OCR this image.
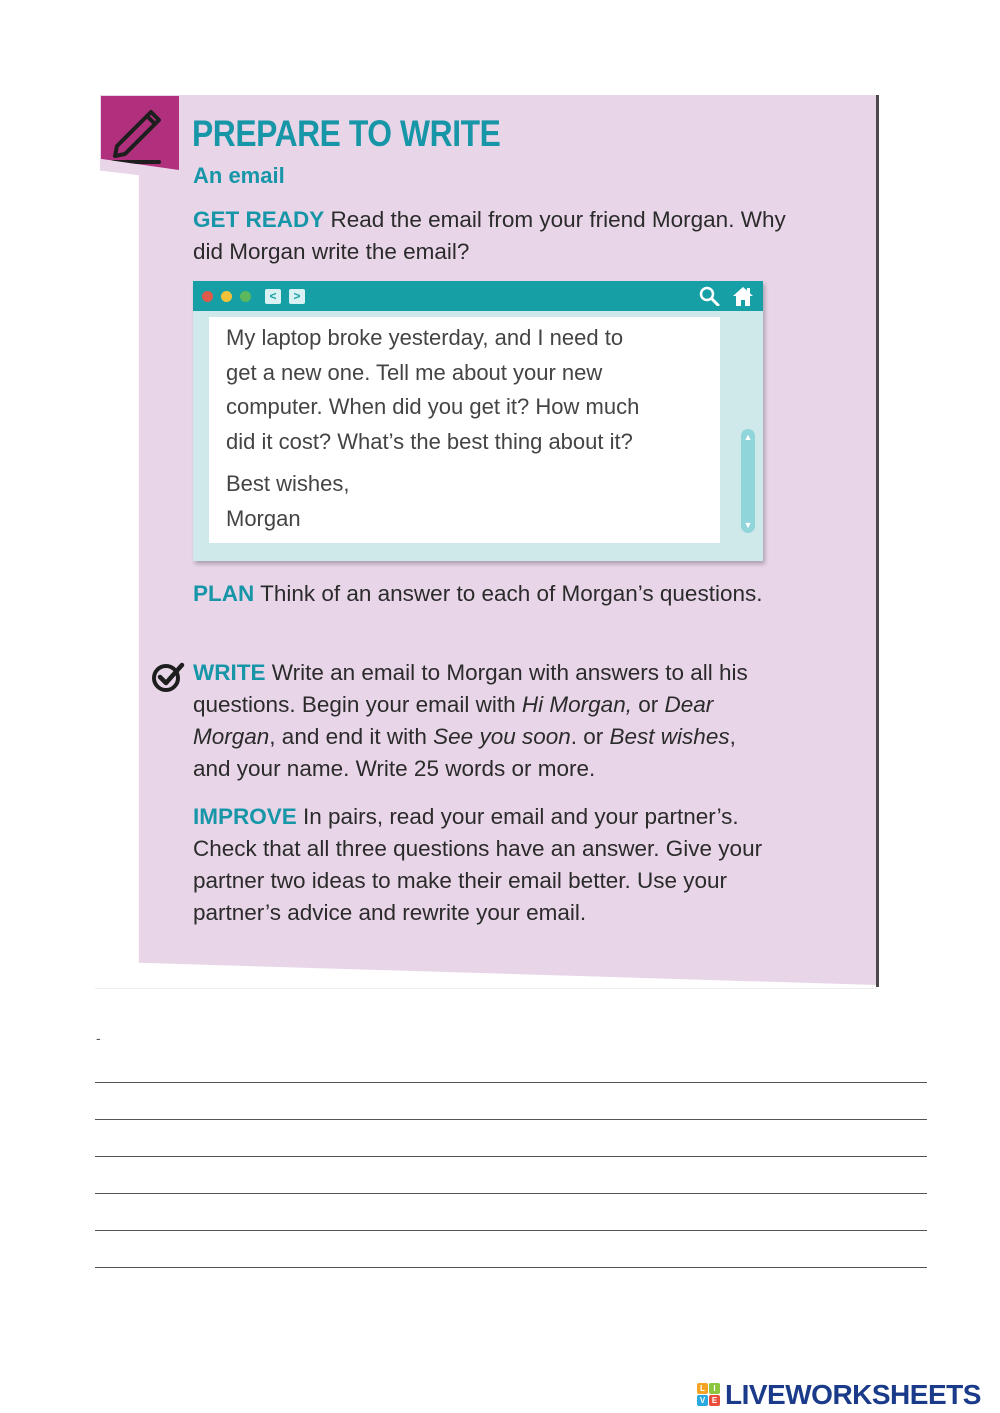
PREPARE TO WRITE
An email
GET READY Read the email from your friend Morgan. Why did Morgan write the email?
<	>
My laptop broke yesterday, and I need to
get a new one. Tell me about your new
computer. When did you get it? How much
did it cost? What’s the best thing about it?
Best wishes,
Morgan
▲
▼
PLAN Think of an answer to each of Morgan’s questions.
WRITE Write an email to Morgan with answers to all his questions. Begin your email with Hi Morgan, or Dear Morgan, and end it with See you soon. or Best wishes, and your name. Write 25 words or more.
IMPROVE In pairs, read your email and your partner’s. Check that all three questions have an answer. Give your partner two ideas to make their email better. Use your partner’s advice and rewrite your email.
-
L	I
V E LIVEWORKSHEETS
